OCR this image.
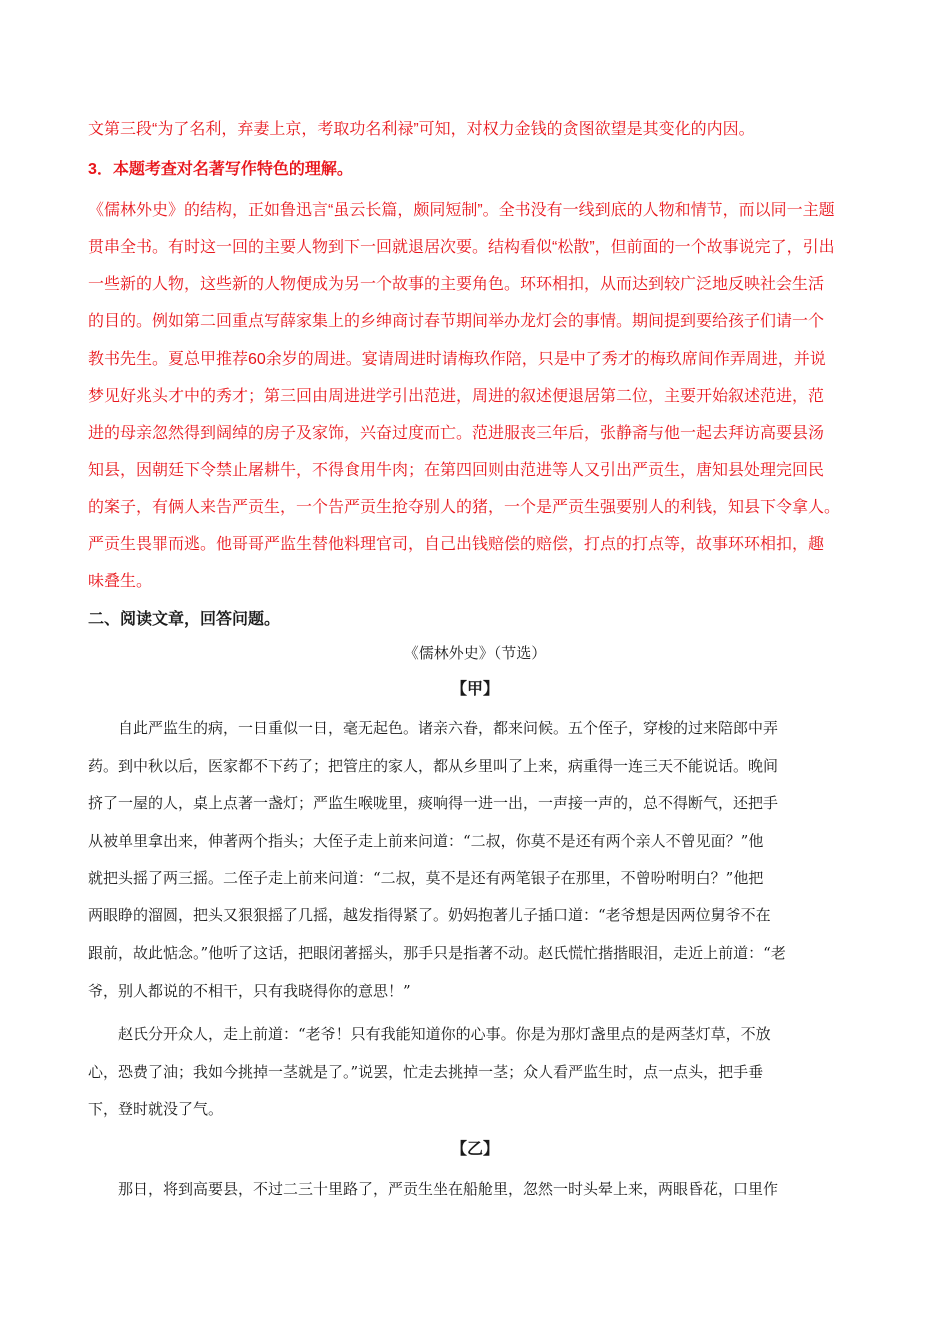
文第三段“为了名利，弃妻上京，考取功名利禄”可知，对权力金钱的贪图欲望是其变化的内因。
3．本题考查对名著写作特色的理解。
《儒林外史》的结构，正如鲁迅言“虽云长篇，颇同短制”。全书没有一线到底的人物和情节，而以同一主题
贯串全书。有时这一回的主要人物到下一回就退居次要。结构看似“松散”，但前面的一个故事说完了，引出
一些新的人物，这些新的人物便成为另一个故事的主要角色。环环相扣，从而达到较广泛地反映社会生活
的目的。例如第二回重点写薛家集上的乡绅商讨春节期间举办龙灯会的事情。期间提到要给孩子们请一个
教书先生。夏总甲推荐60余岁的周进。宴请周进时请梅玖作陪，只是中了秀才的梅玖席间作弄周进，并说
梦见好兆头才中的秀才；第三回由周进进学引出范进，周进的叙述便退居第二位，主要开始叙述范进，范
进的母亲忽然得到阔绰的房子及家饰，兴奋过度而亡。范进服丧三年后，张静斋与他一起去拜访高要县汤
知县，因朝廷下令禁止屠耕牛，不得食用牛肉；在第四回则由范进等人又引出严贡生，唐知县处理完回民
的案子，有俩人来告严贡生，一个告严贡生抢夺别人的猪，一个是严贡生强要别人的利钱，知县下令拿人。
严贡生畏罪而逃。他哥哥严监生替他料理官司，自己出钱赔偿的赔偿，打点的打点等，故事环环相扣，趣
味叠生。
二、阅读文章，回答问题。
《儒林外史》（节选）
【甲】
自此严监生的病，一日重似一日，毫无起色。诸亲六眷，都来问候。五个侄子，穿梭的过来陪郎中弄
药。到中秋以后，医家都不下药了；把管庄的家人，都从乡里叫了上来，病重得一连三天不能说话。晚间
挤了一屋的人，桌上点著一盏灯；严监生喉咙里，痰响得一进一出，一声接一声的，总不得断气，还把手
从被单里拿出来，伸著两个指头；大侄子走上前来问道：“二叔，你莫不是还有两个亲人不曾见面？”他
就把头摇了两三摇。二侄子走上前来问道：“二叔，莫不是还有两笔银子在那里，不曾吩咐明白？”他把
两眼睁的溜圆，把头又狠狠摇了几摇，越发指得紧了。奶妈抱著儿子插口道：“老爷想是因两位舅爷不在
跟前，故此惦念。”他听了这话，把眼闭著摇头，那手只是指著不动。赵氏慌忙揩揩眼泪，走近上前道：“老
爷，别人都说的不相干，只有我晓得你的意思！”
赵氏分开众人，走上前道：“老爷！只有我能知道你的心事。你是为那灯盏里点的是两茎灯草，不放
心，恐费了油；我如今挑掉一茎就是了。”说罢，忙走去挑掉一茎；众人看严监生时，点一点头，把手垂
下，登时就没了气。
【乙】
那日，将到高要县，不过二三十里路了，严贡生坐在船舱里，忽然一时头晕上来，两眼昏花，口里作
